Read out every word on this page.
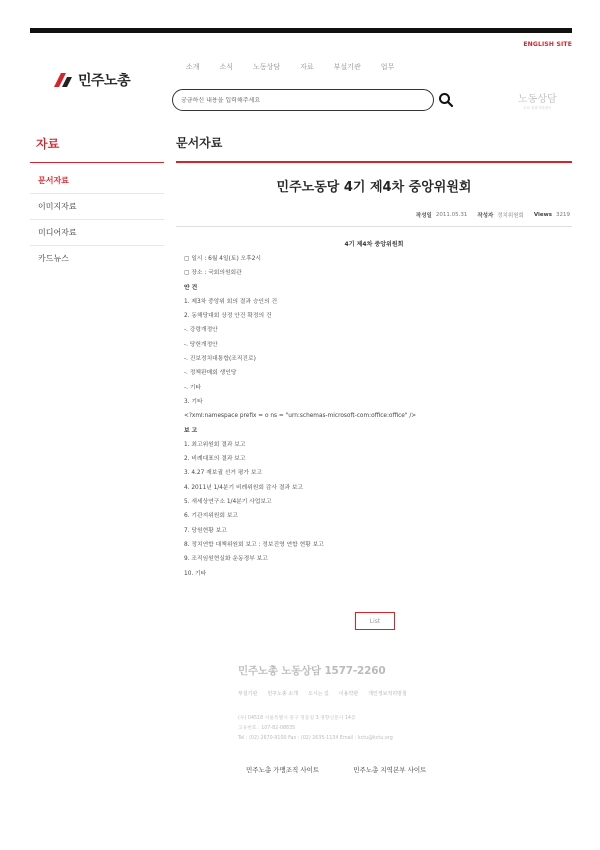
ENGLISH SITE
민주노총
소개	소식	노동상담	자료	부설기관	업무
궁금하신 내용을 입력해주세요
노동상담
무료 법률지원센터
자료
문서자료
이미지자료
미디어자료
카드뉴스
문서자료
민주노동당 4기 제4차 중앙위원회
작성일 2011.05.31 작성자 정치위원회 Views 3219
4기 제4차 중앙위원회
▢ 일시 : 6월 4일(토) 오후2시
▢ 장소 : 국회의원회관
안 건
1. 제3차 중앙위 회의 결과 승인의 건
2. 동해당대회 상정 안건 확정의 건
-. 강령개정안
-. 당헌개정안
-. 진보정치대통합(조직진로)
-. 정책판매회 생인당
-. 기타
3. 기타
<?xml:namespace prefix = o ns = "urn:schemas-microsoft-com:office:office" />
보 고
1. 최고위원회 결과 보고
2. 비례대표의 결과 보고
3. 4.27 재보궐 선거 평가 보고
4. 2011년 1/4분기 비례위원회 감사 결과 보고
5. 새세상연구소 1/4분기 사업보고
6. 기관지위원회 보고
7. 당원현황 보고
8. 정치연합 대책위원회 보고 : 정보진영 연합 현황 보고
9. 조직임원현실화 운동경부 보고
10. 기타
List
민주노총 노동상담 1577-2260
부설기관 민주노총 소개 오시는 길 이용약관 개인정보처리방침
(우) 04518 서울특별시 중구 정동길 3 경향신문사 14층
고유번호 : 107-82-08835
Tel : (02) 2670-9100 Fax : (02) 2635-1134 Email : kctu@kctu.org
민주노총 가맹조직 사이트	민주노총 지역본부 사이트
